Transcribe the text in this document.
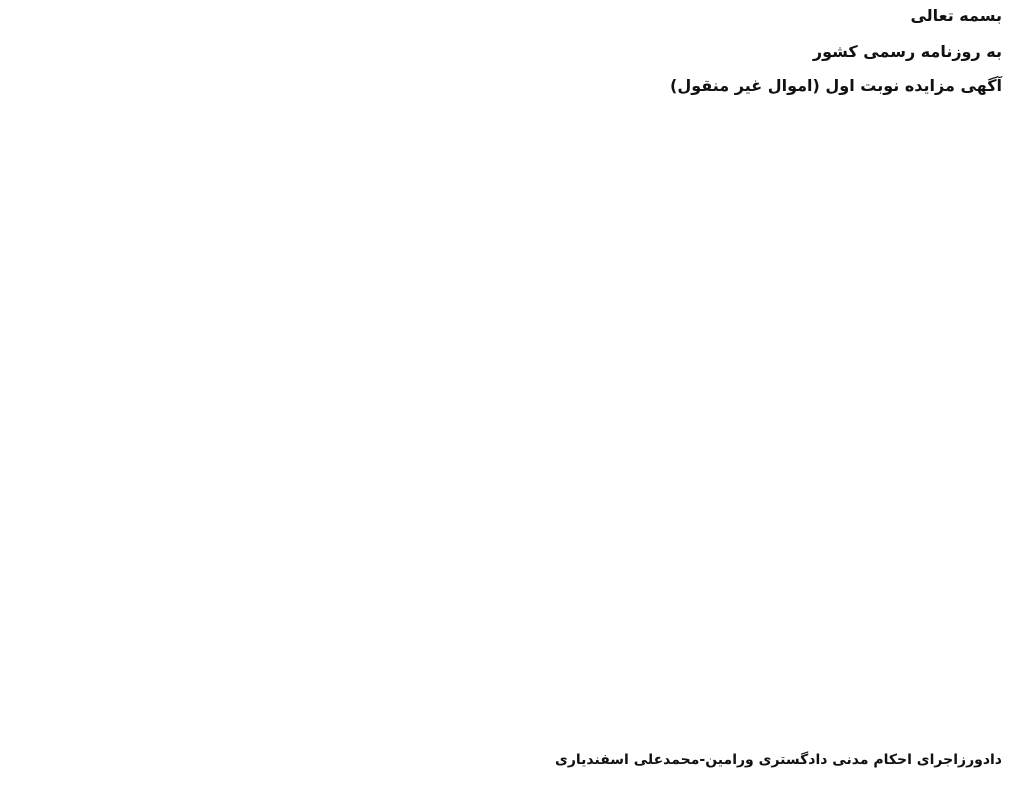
بسمه تعالی
به روزنامه رسمی کشور
آگهی مزایده نوبت اول (اموال غیر منقول)
دادورزاجرای احکام مدنی دادگستری ورامین-محمدعلی اسفندیاری
